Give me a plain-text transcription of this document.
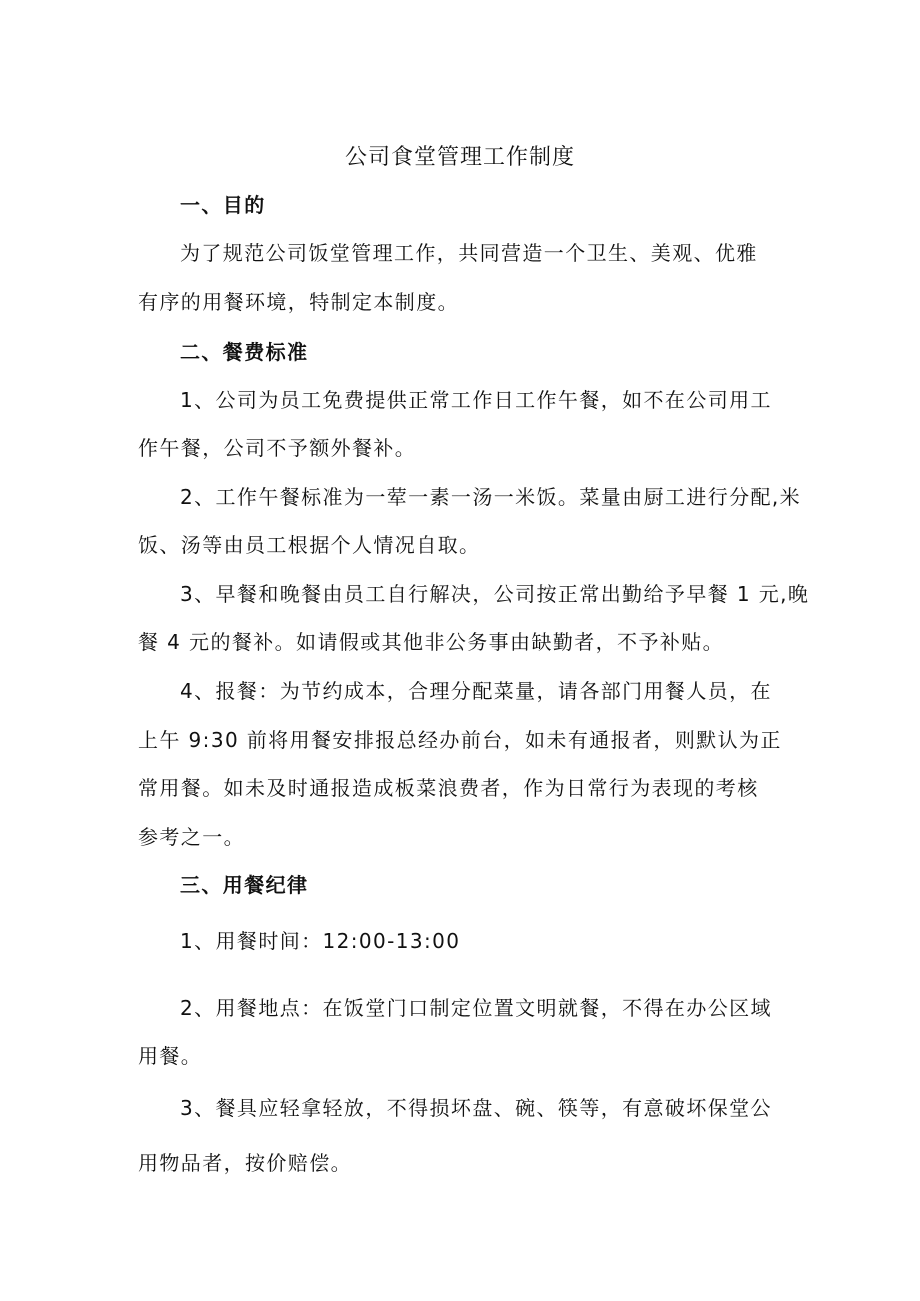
公司食堂管理工作制度
一、目的
为了规范公司饭堂管理工作，共同营造一个卫生、美观、优雅
有序的用餐环境，特制定本制度。
二、餐费标准
1、公司为员工免费提供正常工作日工作午餐，如不在公司用工
作午餐，公司不予额外餐补。
2、工作午餐标准为一荤一素一汤一米饭。菜量由厨工进行分配,米
饭、汤等由员工根据个人情况自取。
3、早餐和晚餐由员工自行解决，公司按正常出勤给予早餐 1 元,晚
餐 4 元的餐补。如请假或其他非公务事由缺勤者，不予补贴。
4、报餐：为节约成本，合理分配菜量，请各部门用餐人员，在
上午 9:30 前将用餐安排报总经办前台，如未有通报者，则默认为正
常用餐。如未及时通报造成板菜浪费者，作为日常行为表现的考核
参考之一。
三、用餐纪律
1、用餐时间：12:00-13:00
2、用餐地点：在饭堂门口制定位置文明就餐，不得在办公区域
用餐。
3、餐具应轻拿轻放，不得损坏盘、碗、筷等，有意破坏保堂公
用物品者，按价赔偿。
